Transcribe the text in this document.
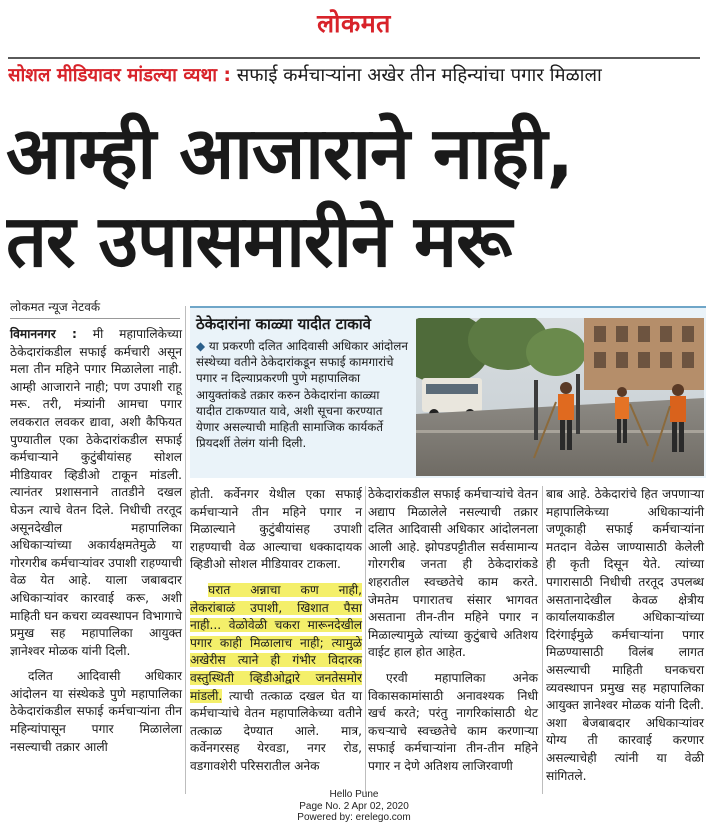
लोकमत
सोशल मीडियावर मांडल्या व्यथा : सफाई कर्मचाऱ्यांना अखेर तीन महिन्यांचा पगार मिळाला
आम्ही आजाराने नाही,
तर उपासमारीने मरू
लोकमत न्यूज नेटवर्क

विमाननगर : मी महापालिकेच्या ठेकेदारांकडील सफाई कर्मचारी असून मला तीन महिने पगार मिळालेला नाही. आम्ही आजाराने नाही; पण उपाशी राहू मरू. तरी, मंत्र्यांनी आमचा पगार लवकरात लवकर द्यावा, अशी कैफियत पुण्यातील एका ठेकेदारांकडील सफाई कर्मचाऱ्याने कुटुंबीयांसह सोशल मीडियावर व्हिडीओ टाकून मांडली. त्यानंतर प्रशासनाने तातडीने दखल घेऊन त्याचे वेतन दिले. निधीची तरतूद असूनदेखील महापालिका अधिकाऱ्यांच्या अकार्यक्षमतेमुळे या गोरगरीब कर्मचाऱ्यांवर उपाशी राहण्याची वेळ येत आहे. याला जबाबदार अधिकाऱ्यांवर कारवाई करू, अशी माहिती घन कचरा व्यवस्थापन विभागाचे प्रमुख सह महापालिका आयुक्त ज्ञानेश्वर मोळक यांनी दिली.

दलित आदिवासी अधिकार आंदोलन या संस्थेकडे पुणे महापालिका ठेकेदारांकडील सफाई कर्मचाऱ्यांना तीन महिन्यांपासून पगार मिळालेला नसल्याची तक्रार आली

ठेकेदारांना काळ्या यादीत टाकावे
◆ या प्रकरणी दलित आदिवासी अधिकार आंदोलन संस्थेच्या वतीने ठेकेदारांकडून सफाई कामगारांचे पगार न दिल्याप्रकरणी पुणे महापालिका आयुक्तांकडे तक्रार करुन ठेकेदारांना काळ्या यादीत टाकण्यात यावे, अशी सूचना करण्यात येणार असल्याची माहिती सामाजिक कार्यकर्ते प्रियदर्शी तेलंग यांनी दिली.

होती. कर्वेनगर येथील एका सफाई कर्मचाऱ्याने तीन महिने पगार न मिळाल्याने कुटुंबीयांसह उपाशी राहण्याची वेळ आल्याचा धक्कादायक व्हिडीओ सोशल मीडियावर टाकला.

घरात अन्नाचा कण नाही, लेकरांबाळं उपाशी, खिशात पैसा नाही... वेळोवेळी चकरा मारूनदेखील पगार काही मिळालाच नाही; त्यामुळे अखेरीस त्याने ही गंभीर विदारक वस्तुस्थिती व्हिडीओद्वारे जनतेसमोर मांडली. त्याची तत्काळ दखल घेत या कर्मचाऱ्यांचे वेतन महापालिकेच्या वतीने तत्काळ देण्यात आले. मात्र, कर्वेनगरसह येरवडा, नगर रोड, वडगावशेरी परिसरातील अनेक

ठेकेदारांकडील सफाई कर्मचाऱ्यांचे वेतन अद्याप मिळालेले नसल्याची तक्रार दलित आदिवासी अधिकार आंदोलनला आली आहे. झोपडपट्टीतील सर्वसामान्य गोरगरीब जनता ही ठेकेदारांकडे शहरातील स्वच्छतेचे काम करते. जेमतेम पगारातच संसार भागवत असताना तीन-तीन महिने पगार न मिळाल्यामुळे त्यांच्या कुटुंबाचे अतिशय वाईट हाल होत आहेत.

एरवी महापालिका अनेक विकासकामांसाठी अनावश्यक निधी खर्च करते; परंतु नागरिकांसाठी थेट कचऱ्याचे स्वच्छतेचे काम करणाऱ्या सफाई कर्मचाऱ्यांना तीन-तीन महिने पगार न देणे अतिशय लाजिरवाणी

बाब आहे. ठेकेदारांचे हित जपणाऱ्या महापालिकेच्या अधिकाऱ्यांनी जणूकाही सफाई कर्मचाऱ्यांना मतदान वेळेस जाण्यासाठी केलेली ही कृती दिसून येते. त्यांच्या पगारासाठी निधीची तरतूद उपलब्ध असतानादेखील केवळ क्षेत्रीय कार्यालयाकडील अधिकाऱ्यांच्या दिरंगाईमुळे कर्मचाऱ्यांना पगार मिळण्यासाठी विलंब लागत असल्याची माहिती घनकचरा व्यवस्थापन प्रमुख सह महापालिका आयुक्त ज्ञानेश्वर मोळक यांनी दिली. अशा बेजबाबदार अधिकाऱ्यांवर योग्य ती कारवाई करणार असल्याचेही त्यांनी या वेळी सांगितले.

Hello Pune
Page No. 2 Apr 02, 2020
Powered by: erelego.com
